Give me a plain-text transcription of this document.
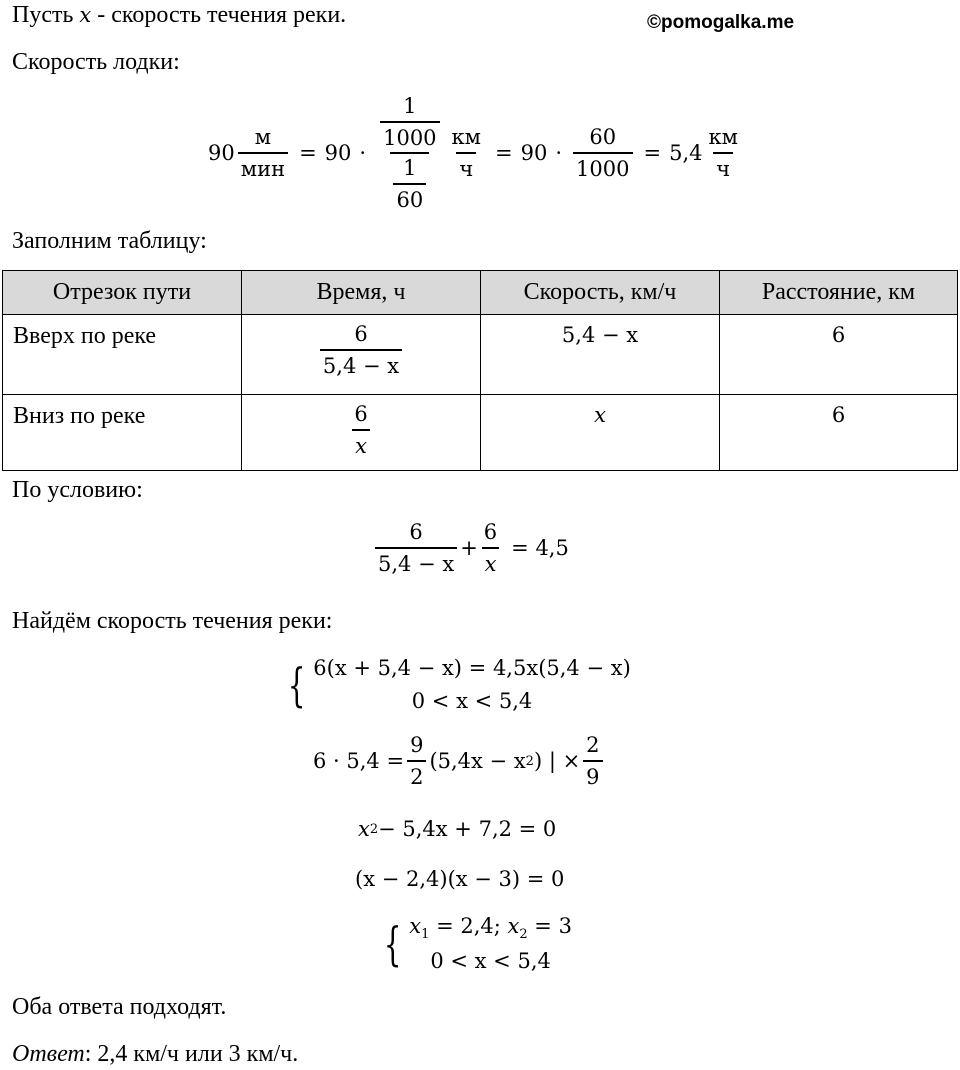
©pomogalka.me
Пусть x - скорость течения реки.
Скорость лодки:
$90 \frac{м}{\text{мин}} = 90 \cdot \frac{\frac{1}{1000}}{\frac{1}{60}} \frac{км}{ч} = 90 \cdot \frac{60}{1000} = 5,4 \frac{км}{ч}$
Заполним таблицу:
Отрезок пути	Время, ч	Скорость, км/ч	Расстояние, км
Вверх по реке	$\frac{6}{5,4 - x}$	5,4 − x	6
Вниз по реке	$\frac{6}{x}$	x	6
По условию:
$\frac{6}{5,4 - x} + \frac{6}{x} = 4,5$
Найдём скорость течения реки:
{ 6(x + 5,4 − x) = 4,5x(5,4 − x)
0 < x < 5,4
$6 \cdot 5,4 = \frac{9}{2} (5,4x - x$ 2 ) | × $\frac{2}{9}$
x 2 − 5,4x + 7,2 = 0
(x − 2,4)(x − 3) = 0
{ $x_1 = 2,4$; $x_2 = 3$
0 < x < 5,4
Оба ответа подходят.
Ответ: 2,4 км/ч или 3 км/ч.
